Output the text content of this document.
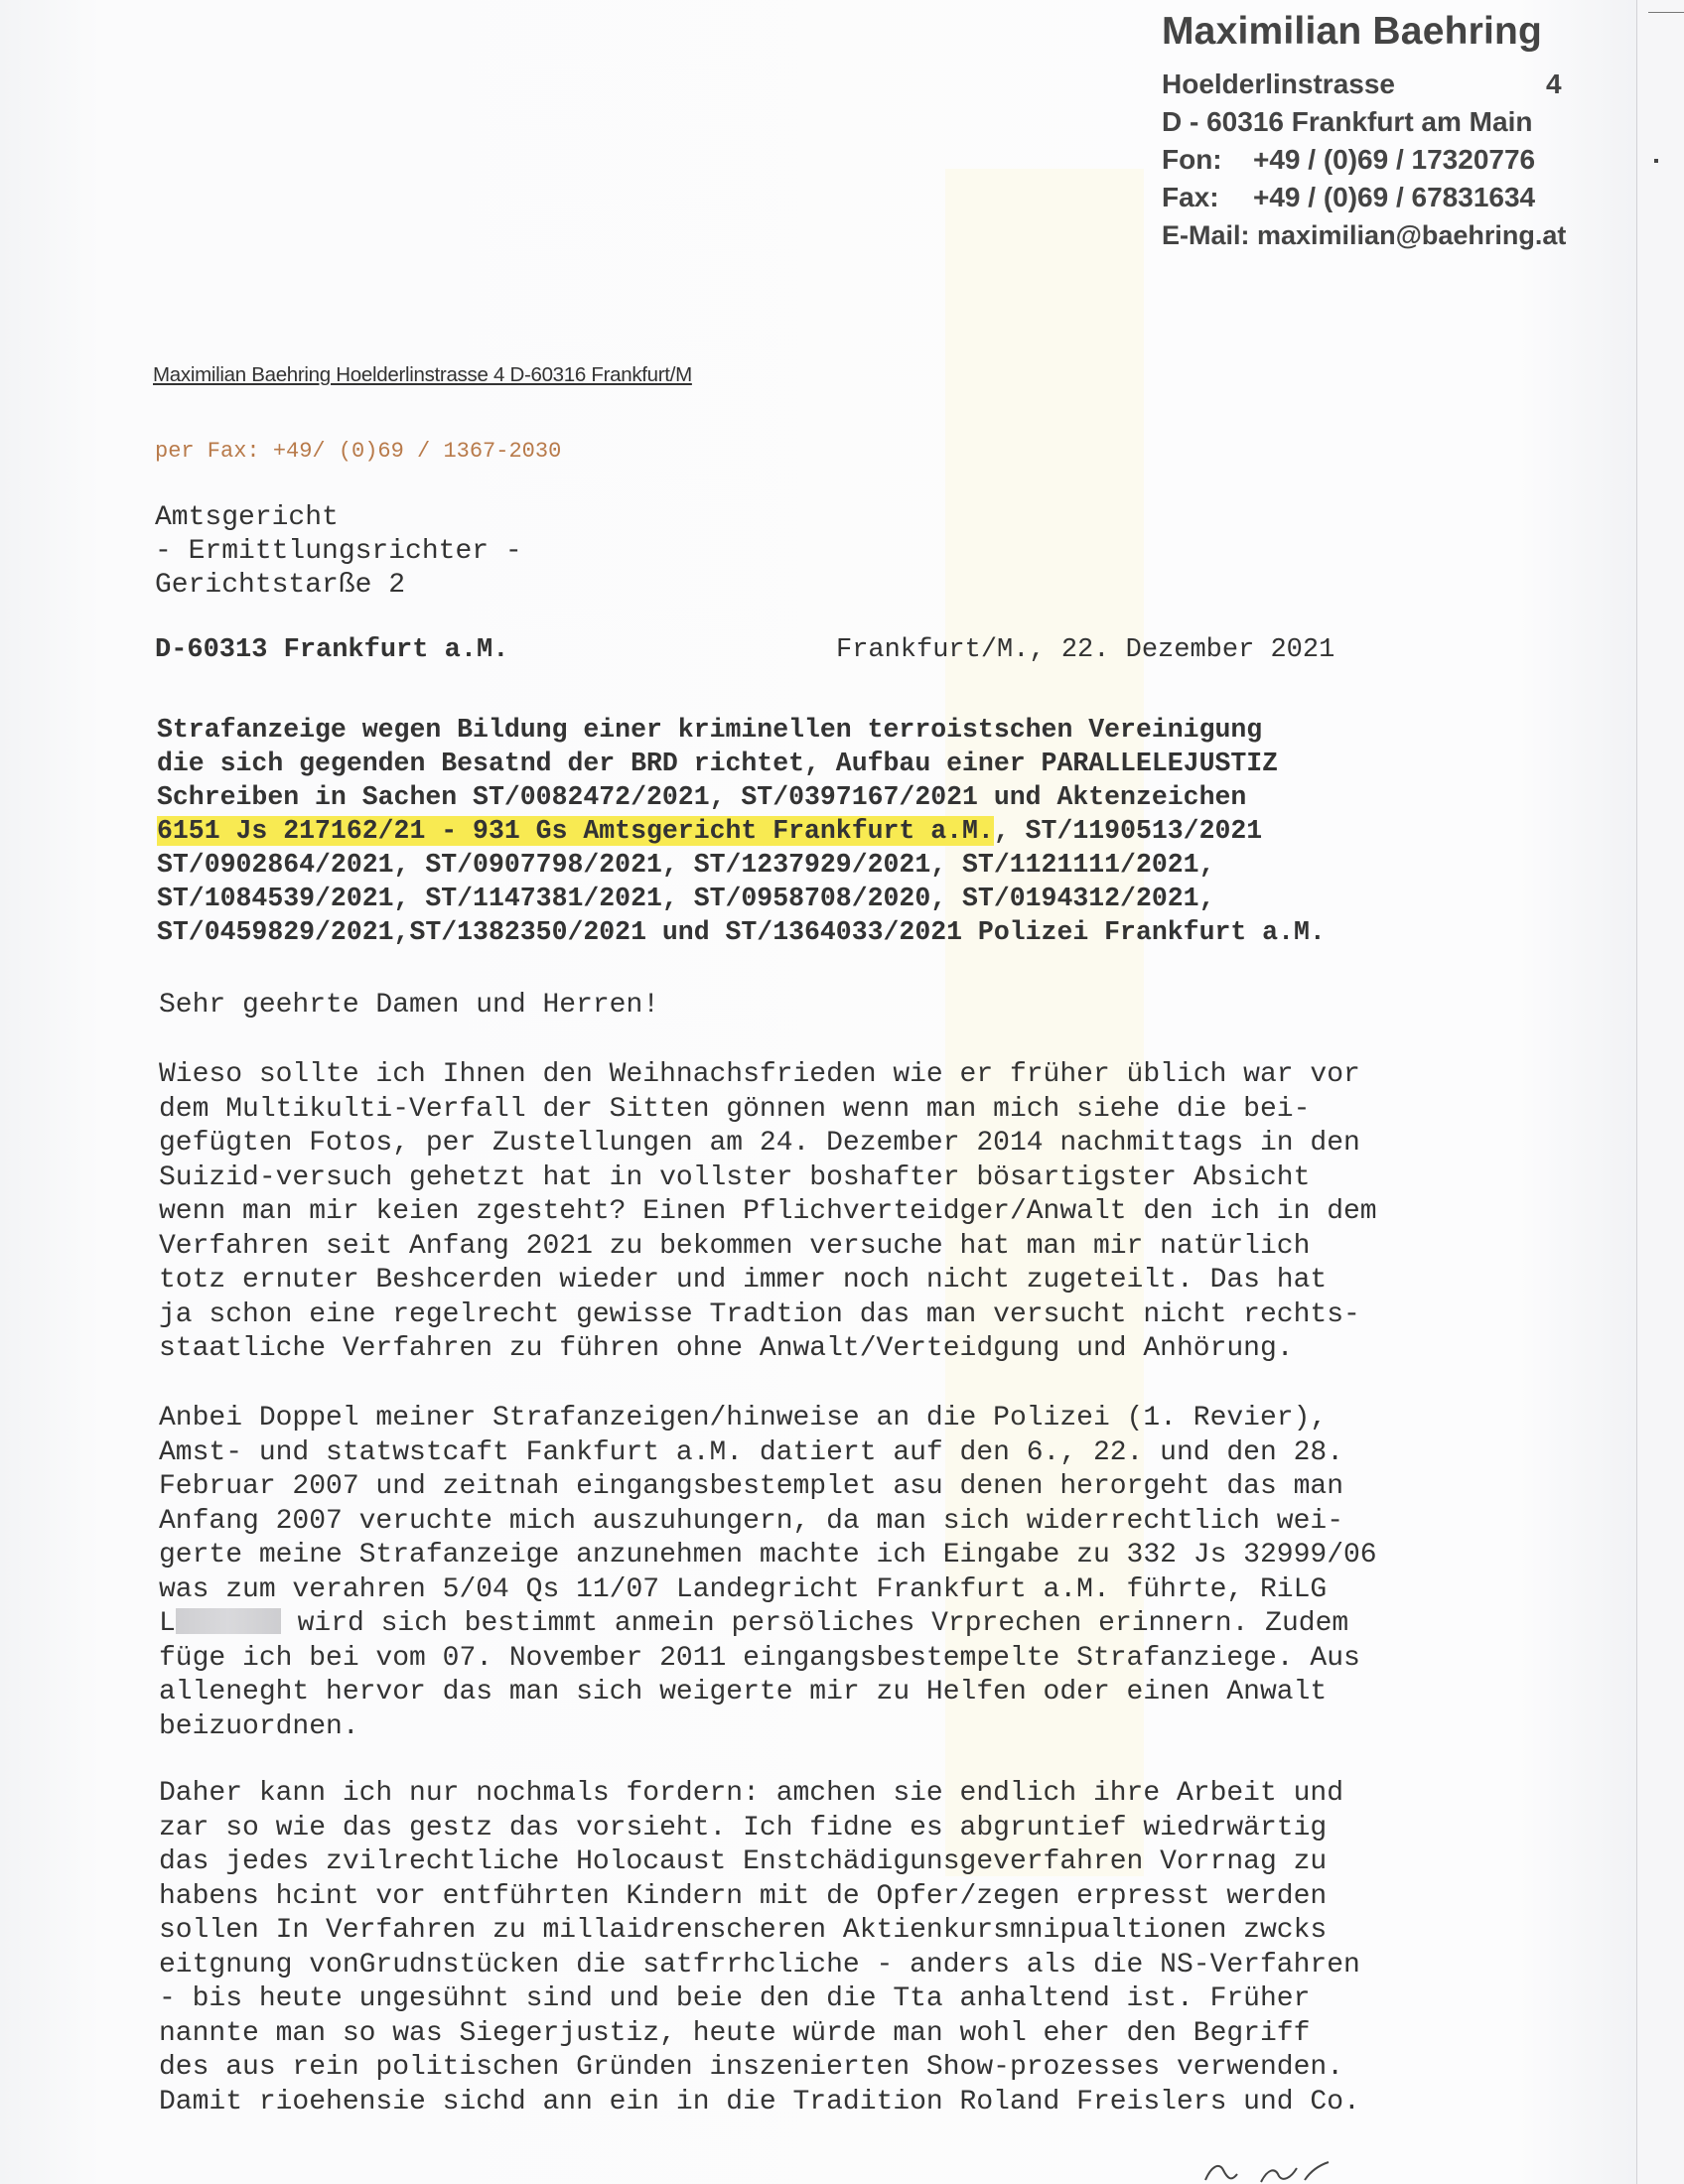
Maximilian Baehring
Hoelderlinstrasse	4
D - 60316 Frankfurt am Main
Fon: +49 / (0)69 / 17320776
Fax: +49 / (0)69 / 67831634
E-Mail: maximilian@baehring.at
Maximilian Baehring Hoelderlinstrasse 4 D-60316 Frankfurt/M
per Fax: +49/ (0)69 / 1367-2030
Amtsgericht
- Ermittlungsrichter -
Gerichtstarße 2
D-60313 Frankfurt a.M.	Frankfurt/M., 22. Dezember 2021
Strafanzeige wegen Bildung einer kriminellen terroistschen Vereinigung
die sich gegenden Besatnd der BRD richtet, Aufbau einer PARALLELEJUSTIZ
Schreiben in Sachen ST/0082472/2021, ST/0397167/2021 und Aktenzeichen
6151 Js 217162/21 - 931 Gs Amtsgericht Frankfurt a.M., ST/1190513/2021
ST/0902864/2021, ST/0907798/2021, ST/1237929/2021, ST/1121111/2021,
ST/1084539/2021, ST/1147381/2021, ST/0958708/2020, ST/0194312/2021,
ST/0459829/2021,ST/1382350/2021 und ST/1364033/2021 Polizei Frankfurt a.M.
Sehr geehrte Damen und Herren!
Wieso sollte ich Ihnen den Weihnachsfrieden wie er früher üblich war vor
dem Multikulti-Verfall der Sitten gönnen wenn man mich siehe die bei-
gefügten Fotos, per Zustellungen am 24. Dezember 2014 nachmittags in den
Suizid-versuch gehetzt hat in vollster boshafter bösartigster Absicht
wenn man mir keien zgesteht? Einen Pflichverteidger/Anwalt den ich in dem
Verfahren seit Anfang 2021 zu bekommen versuche hat man mir natürlich
totz ernuter Beshcerden wieder und immer noch nicht zugeteilt. Das hat
ja schon eine regelrecht gewisse Tradtion das man versucht nicht rechts-
staatliche Verfahren zu führen ohne Anwalt/Verteidgung und Anhörung.
Anbei Doppel meiner Strafanzeigen/hinweise an die Polizei (1. Revier),
Amst- und statwstcaft Fankfurt a.M. datiert auf den 6., 22. und den 28.
Februar 2007 und zeitnah eingangsbestemplet asu denen herorgeht das man
Anfang 2007 veruchte mich auszuhungern, da man sich widerrechtlich wei-
gerte meine Strafanzeige anzunehmen machte ich Eingabe zu 332 Js 32999/06
was zum verahren 5/04 Qs 11/07 Landegricht Frankfurt a.M. führte, RiLG
L	wird sich bestimmt anmein persöliches Vrprechen erinnern. Zudem
füge ich bei vom 07. November 2011 eingangsbestempelte Strafanziege. Aus
alleneght hervor das man sich weigerte mir zu Helfen oder einen Anwalt
beizuordnen.
Daher kann ich nur nochmals fordern: amchen sie endlich ihre Arbeit und
zar so wie das gestz das vorsieht. Ich fidne es abgruntief wiedrwärtig
das jedes zvilrechtliche Holocaust Enstchädigunsgeverfahren Vorrnag zu
habens hcint vor entführten Kindern mit de Opfer/zegen erpresst werden
sollen In Verfahren zu millaidrenscheren Aktienkursmnipualtionen zwcks
eitgnung vonGrudnstücken die satfrrhcliche - anders als die NS-Verfahren
- bis heute ungesühnt sind und beie den die Tta anhaltend ist. Früher
nannte man so was Siegerjustiz, heute würde man wohl eher den Begriff
des aus rein politischen Gründen inszenierten Show-prozesses verwenden.
Damit rioehensie sichd ann ein in die Tradition Roland Freislers und Co.
